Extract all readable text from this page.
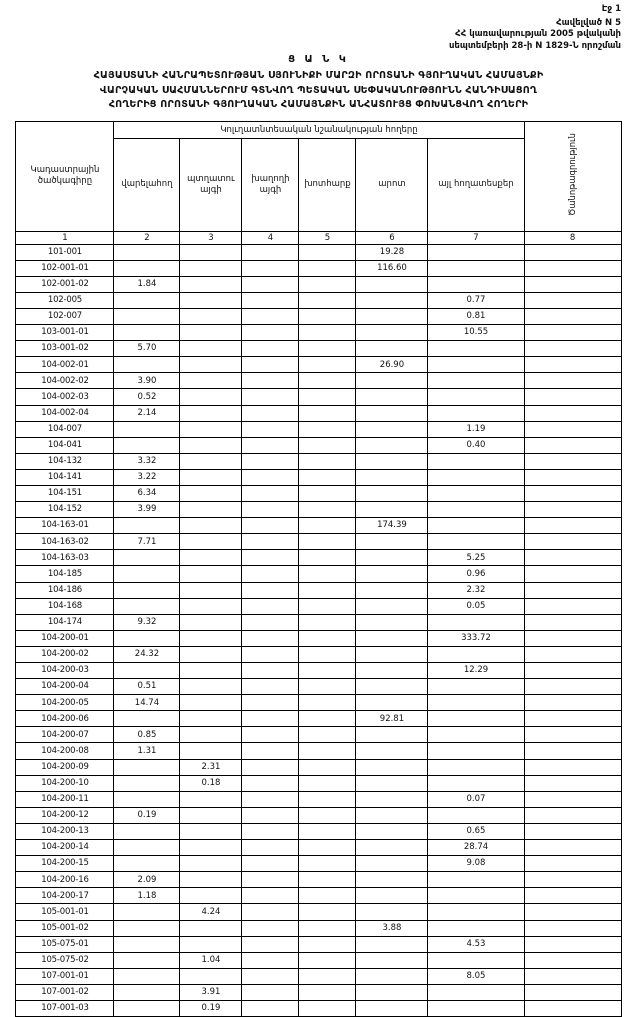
Էջ 1
Հավելված N 5
ՀՀ կառավարության 2005 թվականի
սեպտեմբերի 28-ի N 1829-Ն որոշման
Ց Ա Ն Կ
ՀԱՅԱՍՏԱՆԻ ՀԱՆՐԱՊԵՏՈՒԹՅԱՆ ՍՅՈՒՆԻՔԻ ՄԱՐԶԻ ՈՐՈՏԱՆԻ ԳՅՈՒՂԱԿԱՆ ՀԱՄԱՅՆՔԻ
ՎԱՐՉԱԿԱՆ ՍԱՀՄԱՆՆԵՐՈՒՄ ԳՏՆՎՈՂ ՊԵՏԱԿԱՆ ՍԵՓԱԿԱՆՈՒԹՅՈՒՆՆ ՀԱՆԴԻՍԱՑՈՂ
ՀՈՂԵՐԻՑ ՈՐՈՏԱՆԻ ԳՅՈՒՂԱԿԱՆ ՀԱՄԱՅՆՔԻՆ ԱՆՀԱՏՈՒՅՑ ՓՈԽԱՆՑՎՈՂ ՀՈՂԵՐԻ
Կադաստրային ծածկագիրը	Կոլւղատնտեսական նշանակության հողերը						Ծանոթագրություն
	վարելահող	պտղատու այգի	խաղողի այգի	խոտհարք	արոտ	այլ հողատեսքեր	
1	2	3	4	5	6	7	8
101-001					19.28		
102-001-01					116.60		
102-001-02	1.84						
102-005						0.77	
102-007						0.81	
103-001-01						10.55	
103-001-02	5.70						
104-002-01					26.90		
104-002-02	3.90						
104-002-03	0.52						
104-002-04	2.14						
104-007						1.19	
104-041						0.40	
104-132	3.32						
104-141	3.22						
104-151	6.34						
104-152	3.99						
104-163-01					174.39		
104-163-02	7.71						
104-163-03						5.25	
104-185						0.96	
104-186						2.32	
104-168						0.05	
104-174	9.32						
104-200-01						333.72	
104-200-02	24.32						
104-200-03						12.29	
104-200-04	0.51						
104-200-05	14.74						
104-200-06					92.81		
104-200-07	0.85						
104-200-08	1.31						
104-200-09		2.31					
104-200-10		0.18					
104-200-11						0.07	
104-200-12	0.19						
104-200-13						0.65	
104-200-14						28.74	
104-200-15						9.08	
104-200-16	2.09						
104-200-17	1.18						
105-001-01		4.24					
105-001-02					3.88		
105-075-01						4.53	
105-075-02		1.04					
107-001-01						8.05	
107-001-02		3.91					
107-001-03		0.19					
